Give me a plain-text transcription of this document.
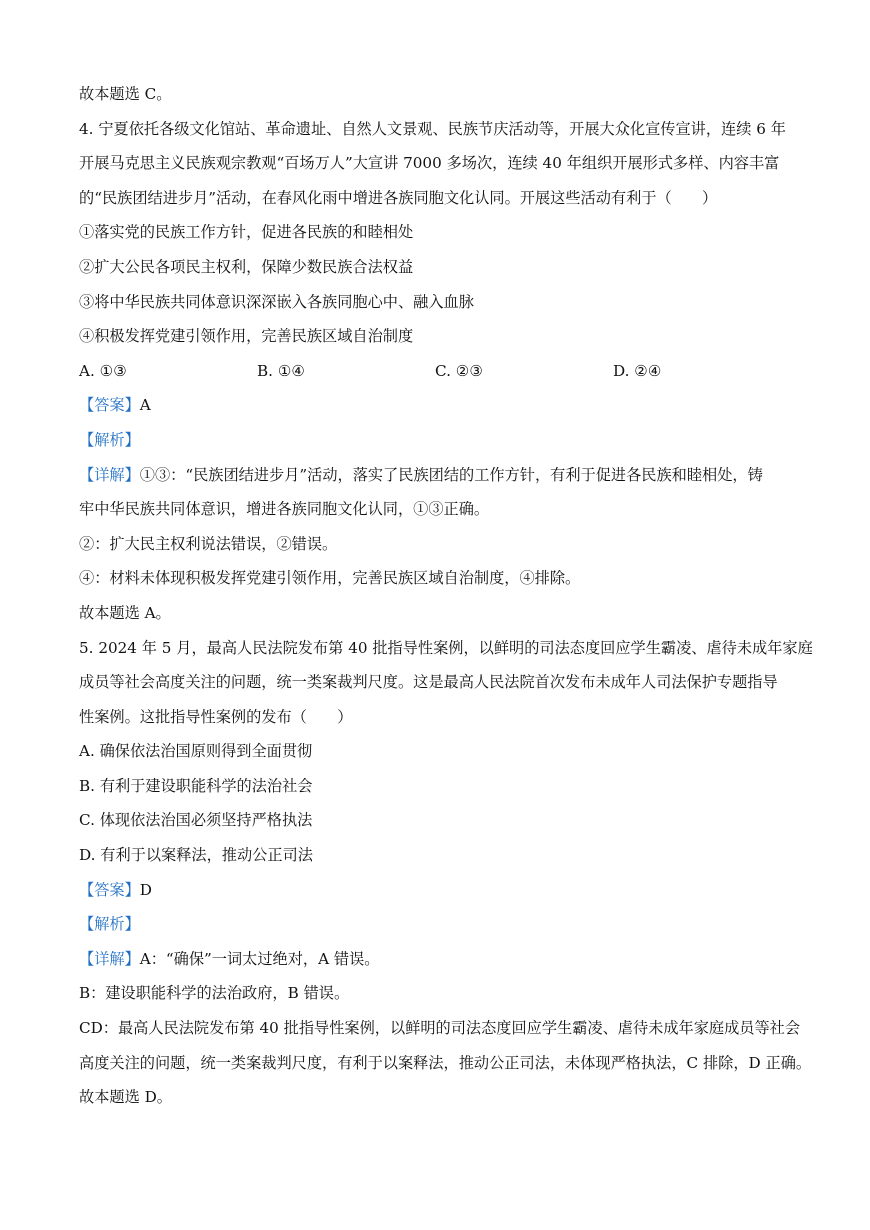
故本题选 C。

4. 宁夏依托各级文化馆站、革命遗址、自然人文景观、民族节庆活动等，开展大众化宣传宣讲，连续 6 年

开展马克思主义民族观宗教观“百场万人”大宣讲 7000 多场次，连续 40 年组织开展形式多样、内容丰富

的“民族团结进步月”活动，在春风化雨中增进各族同胞文化认同。开展这些活动有利于（　　）

①落实党的民族工作方针，促进各民族的和睦相处

②扩大公民各项民主权利，保障少数民族合法权益

③将中华民族共同体意识深深嵌入各族同胞心中、融入血脉

④积极发挥党建引领作用，完善民族区域自治制度

A. ①③	B. ①④	C. ②③	D. ②④

【答案】A

【解析】

【详解】①③：“民族团结进步月”活动，落实了民族团结的工作方针，有利于促进各民族和睦相处，铸

牢中华民族共同体意识，增进各族同胞文化认同，①③正确。

②：扩大民主权利说法错误，②错误。

④：材料未体现积极发挥党建引领作用，完善民族区域自治制度，④排除。

故本题选 A。

5. 2024 年 5 月，最高人民法院发布第 40 批指导性案例，以鲜明的司法态度回应学生霸凌、虐待未成年家庭

成员等社会高度关注的问题，统一类案裁判尺度。这是最高人民法院首次发布未成年人司法保护专题指导

性案例。这批指导性案例的发布（　　）

A. 确保依法治国原则得到全面贯彻

B. 有利于建设职能科学的法治社会

C. 体现依法治国必须坚持严格执法

D. 有利于以案释法，推动公正司法

【答案】D

【解析】

【详解】A：“确保”一词太过绝对，A 错误。

B：建设职能科学的法治政府，B 错误。

CD：最高人民法院发布第 40 批指导性案例，以鲜明的司法态度回应学生霸凌、虐待未成年家庭成员等社会

高度关注的问题，统一类案裁判尺度，有利于以案释法，推动公正司法，未体现严格执法，C 排除，D 正确。

故本题选 D。
